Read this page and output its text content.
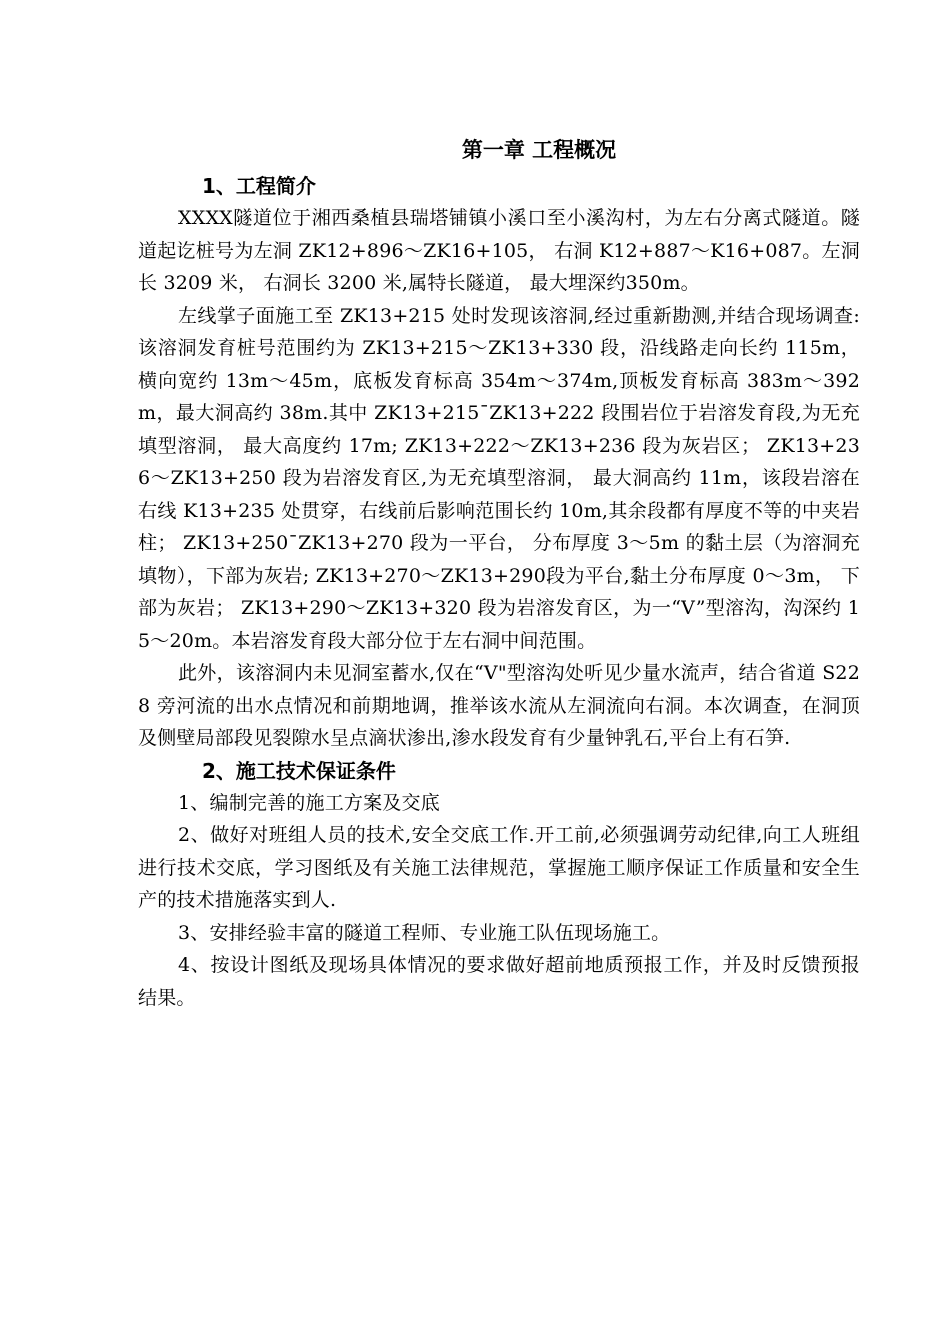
第一章 工程概况
1、工程简介

XXXX隧道位于湘西桑植县瑞塔铺镇小溪口至小溪沟村，为左右分离式隧道。隧道起讫桩号为左洞 ZK12+896～ZK16+105， 右洞 K12+887～K16+087。左洞长 3209 米， 右洞长 3200 米,属特长隧道， 最大埋深约350m。

左线掌子面施工至 ZK13+215 处时发现该溶洞,经过重新勘测,并结合现场调查: 该溶洞发育桩号范围约为 ZK13+215～ZK13+330 段，沿线路走向长约 115m，横向宽约 13m～45m，底板发育标高 354m～374m,顶板发育标高 383m～392m，最大洞高约 38m.其中 ZK13+215¯ZK13+222 段围岩位于岩溶发育段,为无充填型溶洞， 最大高度约 17m; ZK13+222～ZK13+236 段为灰岩区； ZK13+236～ZK13+250 段为岩溶发育区,为无充填型溶洞， 最大洞高约 11m，该段岩溶在右线 K13+235 处贯穿，右线前后影响范围长约 10m,其余段都有厚度不等的中夹岩柱； ZK13+250¯ZK13+270 段为一平台， 分布厚度 3～5m 的黏土层（为溶洞充填物），下部为灰岩; ZK13+270～ZK13+290段为平台,黏土分布厚度 0～3m， 下部为灰岩； ZK13+290～ZK13+320 段为岩溶发育区，为一“V”型溶沟，沟深约 15～20m。本岩溶发育段大部分位于左右洞中间范围。

此外，该溶洞内未见洞室蓄水,仅在“V"型溶沟处听见少量水流声，结合省道 S228 旁河流的出水点情况和前期地调，推举该水流从左洞流向右洞。本次调查，在洞顶及侧壁局部段见裂隙水呈点滴状渗出,渗水段发育有少量钟乳石,平台上有石笋.

2、施工技术保证条件

1、编制完善的施工方案及交底

2、做好对班组人员的技术,安全交底工作.开工前,必须强调劳动纪律,向工人班组进行技术交底，学习图纸及有关施工法律规范，掌握施工顺序保证工作质量和安全生产的技术措施落实到人.

3、安排经验丰富的隧道工程师、专业施工队伍现场施工。

4、按设计图纸及现场具体情况的要求做好超前地质预报工作，并及时反馈预报结果。
